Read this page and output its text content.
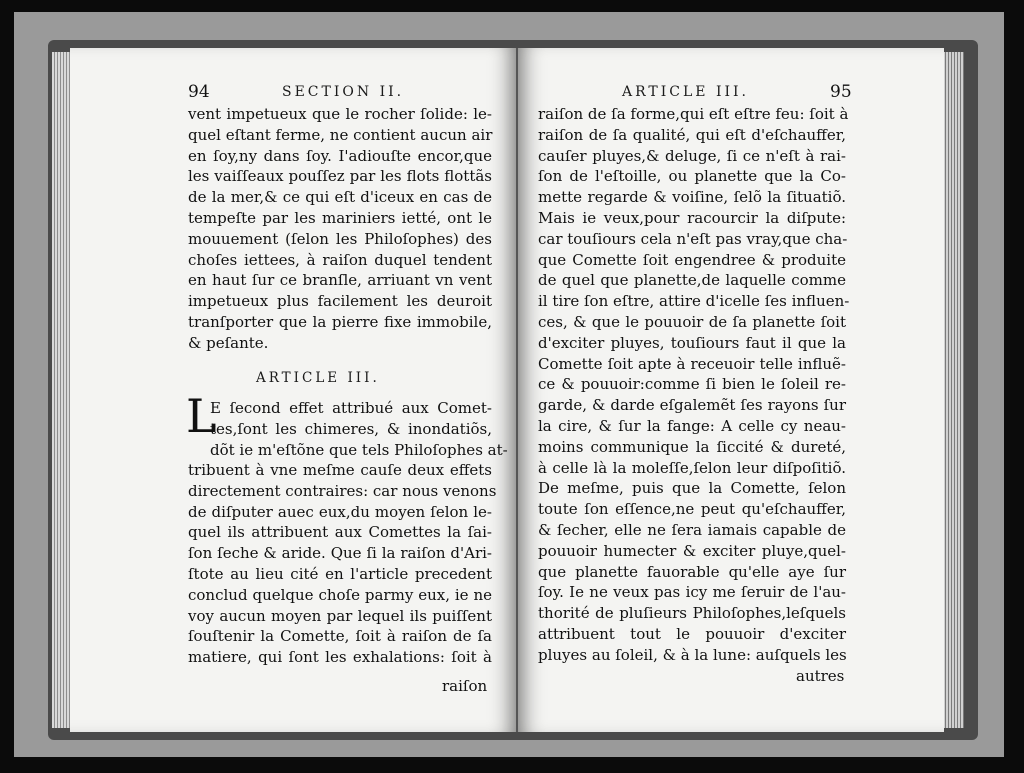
94	SECTION II.
vent impetueux que le rocher ſolide: le-
quel eſtant ferme, ne contient aucun air
en ſoy,ny dans ſoy. I'adiouſte encor,que
les vaiſſeaux pouſſez par les flots flottãs
de la mer,& ce qui eſt d'iceux en cas de
tempeſte par les mariniers ietté, ont le
mouuement (ſelon les Philoſophes) des
choſes iettees, à raiſon duquel tendent
en haut ſur ce branſle, arriuant vn vent
impetueux plus facilement les deuroit
tranſporter que la pierre fixe immobile,
& peſante.
ARTICLE III.
L
E ſecond effet attribué aux Comet-
tes,ſont les chimeres, & inondatiõs,
dõt ie m'eſtõne que tels Philoſophes at-
tribuent à vne meſme cauſe deux effets
directement contraires: car nous venons
de diſputer auec eux,du moyen ſelon le-
quel ils attribuent aux Comettes la ſai-
ſon ſeche & aride. Que ſi la raiſon d'Ari-
ſtote au lieu cité en l'article precedent
conclud quelque choſe parmy eux, ie ne
voy aucun moyen par lequel ils puiſſent
ſouſtenir la Comette, ſoit à raiſon de ſa
matiere, qui ſont les exhalations: ſoit à
raiſon
ARTICLE III.	95
raiſon de ſa forme,qui eſt eſtre feu: ſoit à
raiſon de ſa qualité, qui eſt d'eſchauffer,
cauſer pluyes,& deluge, ſi ce n'eſt à rai-
ſon de l'eſtoille, ou planette que la Co-
mette regarde & voiſine, ſelõ la ſituatiõ.
Mais ie veux,pour racourcir la diſpute:
car touſiours cela n'eſt pas vray,que cha-
que Comette ſoit engendree & produite
de quel que planette,de laquelle comme
il tire ſon eſtre, attire d'icelle ſes influen-
ces, & que le pouuoir de ſa planette ſoit
d'exciter pluyes, touſiours faut il que la
Comette ſoit apte à receuoir telle influẽ-
ce & pouuoir:comme ſi bien le ſoleil re-
garde, & darde eſgalemẽt ſes rayons ſur
la cire, & ſur la fange: A celle cy neau-
moins communique la ſiccité & dureté,
à celle là la moleſſe,ſelon leur diſpoſitiõ.
De meſme, puis que la Comette, ſelon
toute ſon eſſence,ne peut qu'eſchauffer,
& ſecher, elle ne ſera iamais capable de
pouuoir humecter & exciter pluye,quel-
que planette fauorable qu'elle aye ſur
ſoy. Ie ne veux pas icy me ſeruir de l'au-
thorité de pluſieurs Philoſophes,leſquels
attribuent tout le pouuoir d'exciter
pluyes au ſoleil, & à la lune: auſquels les
autres
